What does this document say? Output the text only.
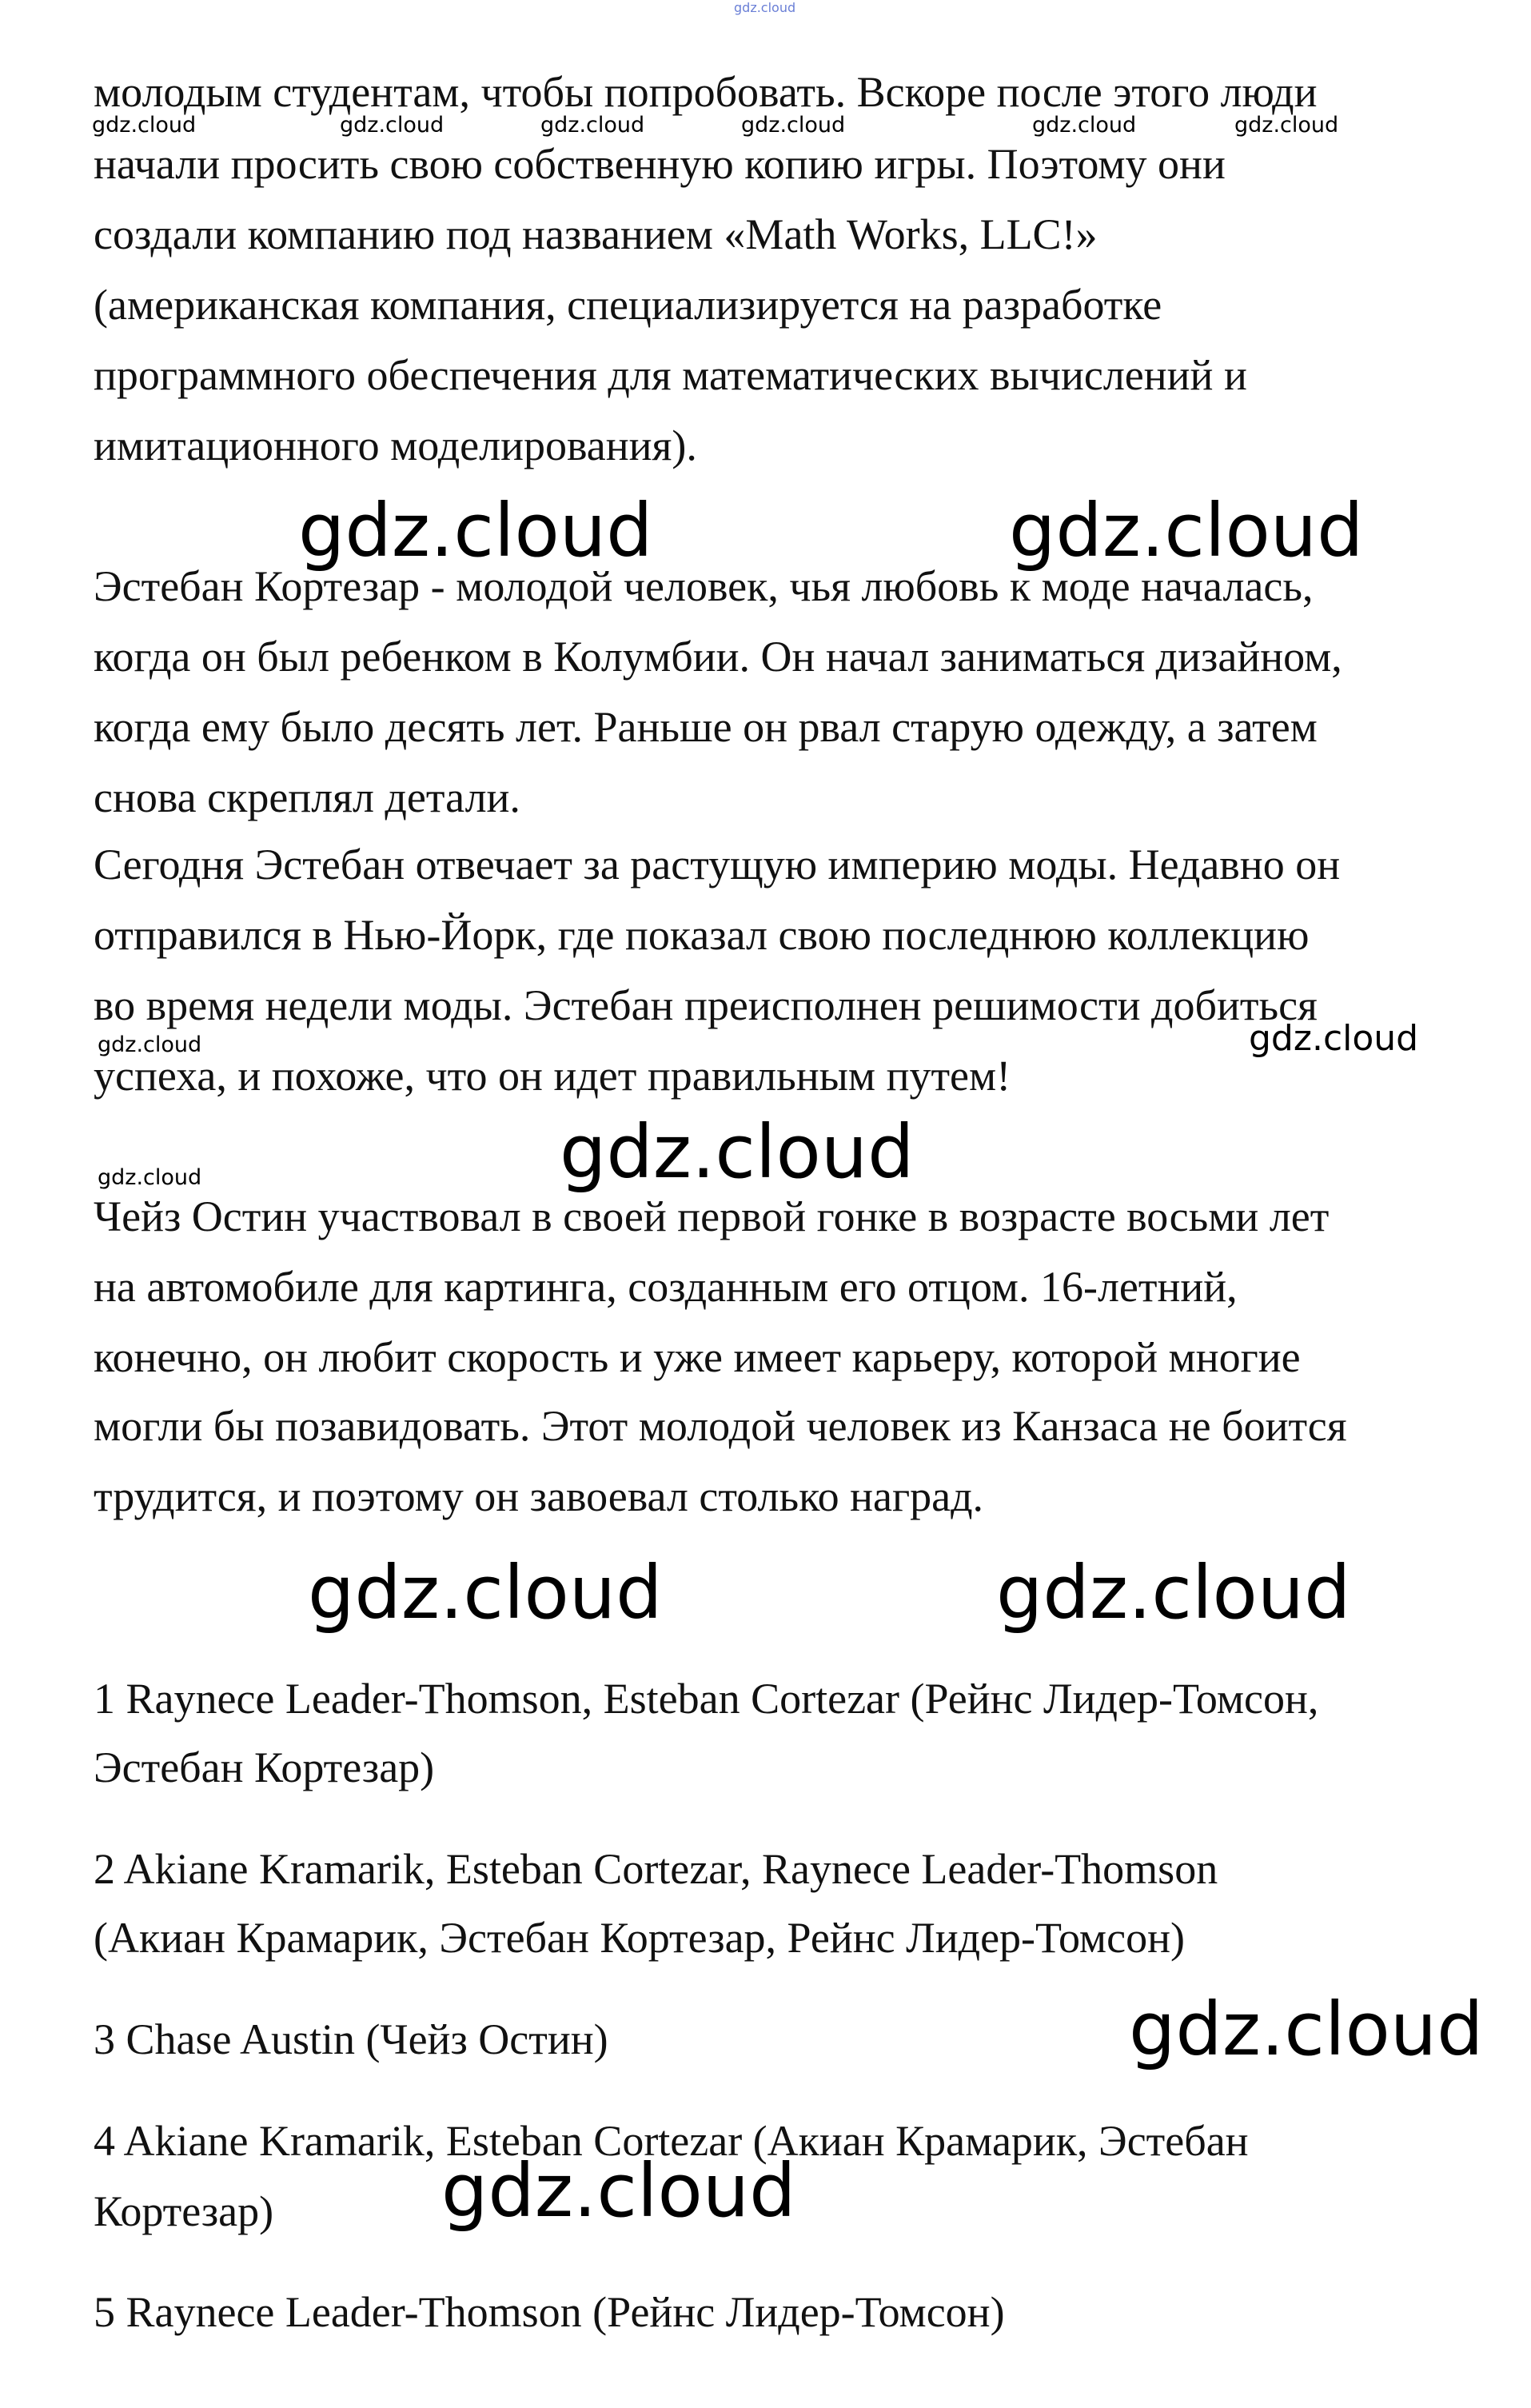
gdz.cloud
молодым студентам, чтобы попробовать. Вскоре после этого люди
начали просить свою собственную копию игры. Поэтому они
создали компанию под названием «Math Works, LLC!»
(американская компания, специализируется на разработке
программного обеспечения для математических вычислений и
имитационного моделирования).
Эстебан Кортезар - молодой человек, чья любовь к моде началась,
когда он был ребенком в Колумбии. Он начал заниматься дизайном,
когда ему было десять лет. Раньше он рвал старую одежду, а затем
снова скреплял детали.
Сегодня Эстебан отвечает за растущую империю моды. Недавно он
отправился в Нью-Йорк, где показал свою последнюю коллекцию
во время недели моды. Эстебан преисполнен решимости добиться
успеха, и похоже, что он идет правильным путем!
Чейз Остин участвовал в своей первой гонке в возрасте восьми лет
на автомобиле для картинга, созданным его отцом. 16-летний,
конечно, он любит скорость и уже имеет карьеру, которой многие
могли бы позавидовать. Этот молодой человек из Канзаса не боится
трудится, и поэтому он завоевал столько наград.
1 Raynece Leader-Thomson, Esteban Cortezar (Рейнс Лидер-Томсон,
Эстебан Кортезар)
2 Akiane Kramarik, Esteban Cortezar, Raynece Leader-Thomson
(Акиан Крамарик, Эстебан Кортезар, Рейнс Лидер-Томсон)
3 Chase Austin (Чейз Остин)
4 Akiane Kramarik, Esteban Cortezar (Акиан Крамарик, Эстебан
Кортезар)
5 Raynece Leader-Thomson (Рейнс Лидер-Томсон)
gdz.cloud	gdz.cloud
gdz.cloud
gdz.cloud	gdz.cloud
gdz.cloud
gdz.cloud
gdz.cloud	gdz.cloud	gdz.cloud	gdz.cloud	gdz.cloud	gdz.cloud
gdz.cloud
gdz.cloud
gdz.cloud
